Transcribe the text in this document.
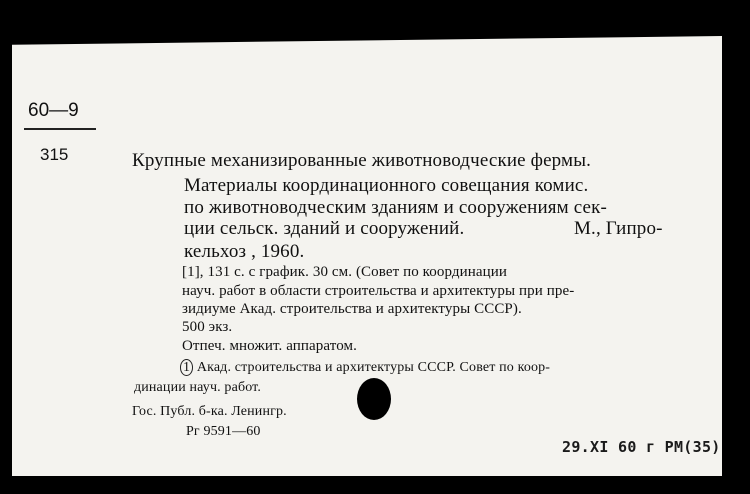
60—9
315	Крупные механизированные животноводческие фермы.
Материалы координационного совещания комис.
по животноводческим зданиям и сооружениям сек-
ции сельск. зданий и сооружений.	М., Гипро-
кельхоз , 1960.
[1], 131 с. с график. 30 см. (Совет по координации
науч. работ в области строительства и архитектуры при пре-
зидиуме Акад. строительства и архитектуры СССР).
500 экз.
Отпеч. множит. аппаратом.
1 Акад. строительства и архитектуры СССР. Совет по коор-
динации науч. работ.
Гос. Публ. б-ка. Ленингр.
Рг 9591—60
29.XI 60 г РМ(35)
